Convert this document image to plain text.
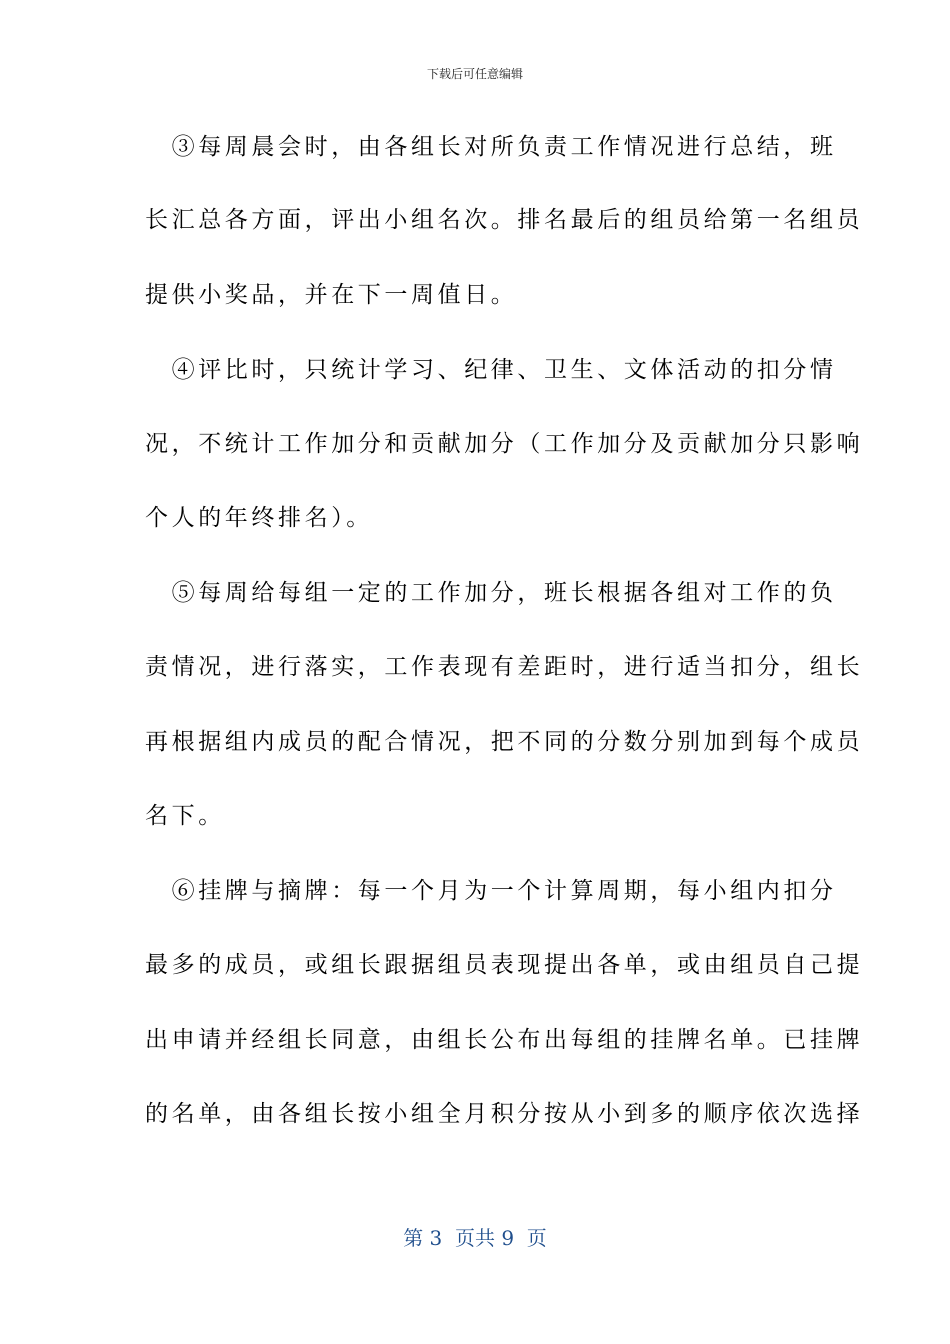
下载后可任意编辑
　③每周晨会时，由各组长对所负责工作情况进行总结，班
长汇总各方面，评出小组名次。排名最后的组员给第一名组员
提供小奖品，并在下一周值日。
　④评比时，只统计学习、纪律、卫生、文体活动的扣分情
况，不统计工作加分和贡献加分（工作加分及贡献加分只影响
个人的年终排名）。
　⑤每周给每组一定的工作加分，班长根据各组对工作的负
责情况，进行落实，工作表现有差距时，进行适当扣分，组长
再根据组内成员的配合情况，把不同的分数分别加到每个成员
名下。
　⑥挂牌与摘牌：每一个月为一个计算周期，每小组内扣分
最多的成员，或组长跟据组员表现提出各单，或由组员自己提
出申请并经组长同意，由组长公布出每组的挂牌名单。已挂牌
的名单，由各组长按小组全月积分按从小到多的顺序依次选择
第 3  页共 9  页
